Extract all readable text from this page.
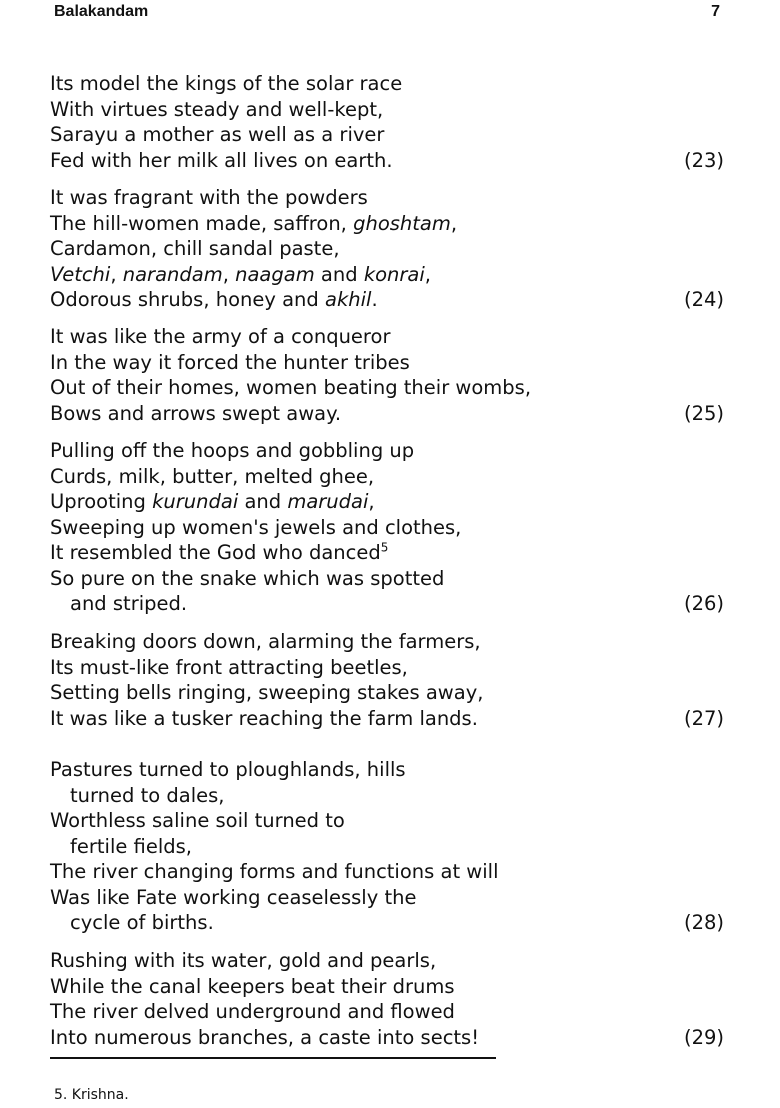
Balakandam	7
Its model the kings of the solar race
With virtues steady and well-kept,
Sarayu a mother as well as a river
Fed with her milk all lives on earth.	(23)
It was fragrant with the powders
The hill-women made, saffron, ghoshtam,
Cardamon, chill sandal paste,
Vetchi, narandam, naagam and konrai,
Odorous shrubs, honey and akhil.	(24)
It was like the army of a conqueror
In the way it forced the hunter tribes
Out of their homes, women beating their wombs,
Bows and arrows swept away.	(25)
Pulling off the hoops and gobbling up
Curds, milk, butter, melted ghee,
Uprooting kurundai and marudai,
Sweeping up women's jewels and clothes,
It resembled the God who danced$^5$
So pure on the snake which was spotted
and striped.	(26)
Breaking doors down, alarming the farmers,
Its must-like front attracting beetles,
Setting bells ringing, sweeping stakes away,
It was like a tusker reaching the farm lands.	(27)
Pastures turned to ploughlands, hills
turned to dales,
Worthless saline soil turned to
fertile fields,
The river changing forms and functions at will
Was like Fate working ceaselessly the
cycle of births.	(28)
Rushing with its water, gold and pearls,
While the canal keepers beat their drums
The river delved underground and flowed
Into numerous branches, a caste into sects!	(29)
5. Krishna.
